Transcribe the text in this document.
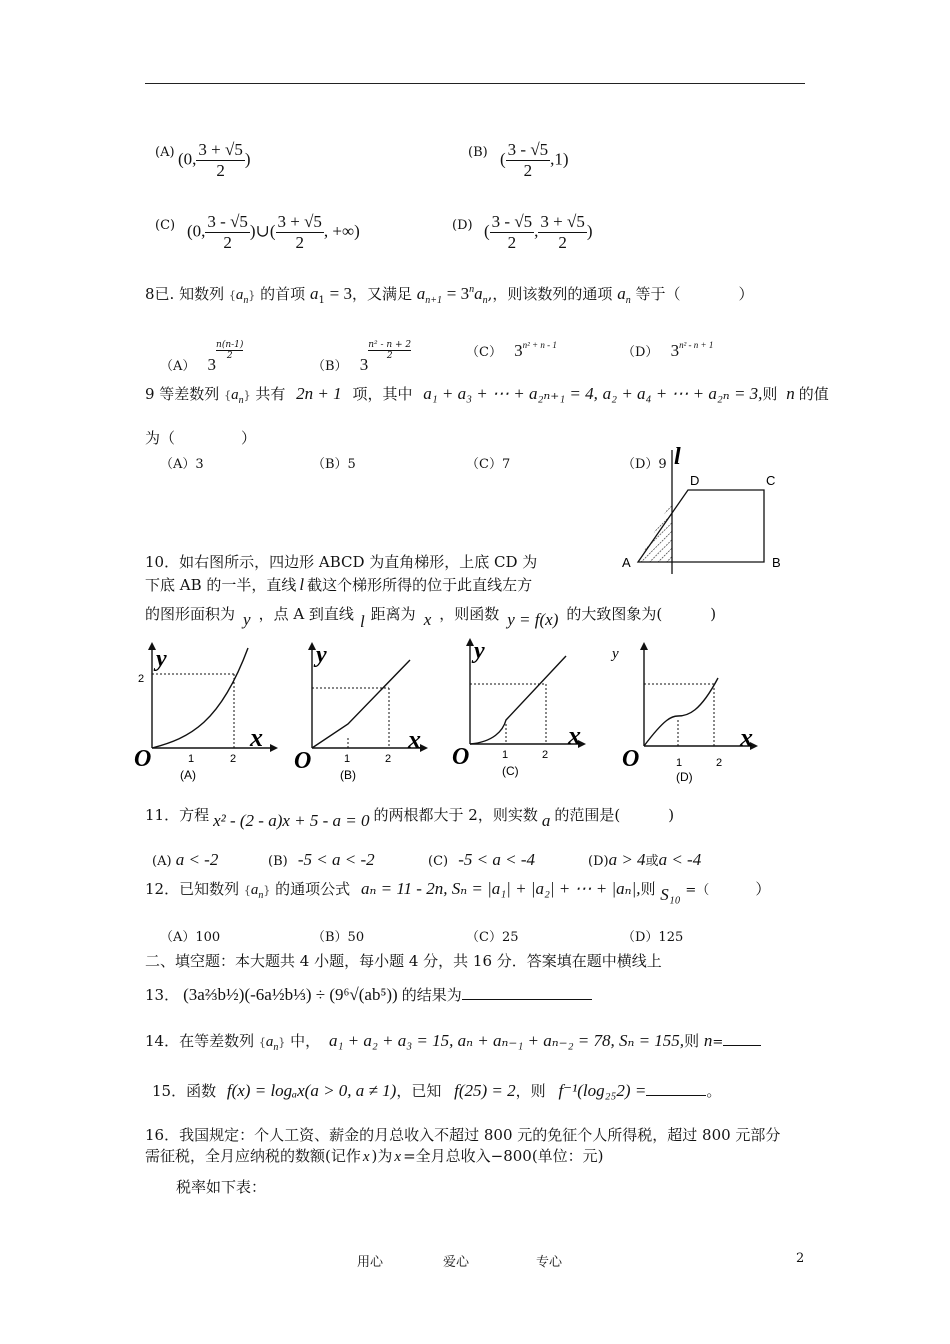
(A) (0, $\frac{3 + √5}{2}$ )	(B) ( $\frac{3 - √5}{2} ,1$)
(C) (0, $\frac{3 - √5}{2}$ )∪( $\frac{3 + √5}{2}$ , +∞)	(D) ( $\frac{3 - √5}{2}$ , $\frac{3 + √5}{2}$ )
8已. 知数列 $\{a_n\}$ 的首项 $a_1 = 3$，又满足 $a_{n+1} = 3^na_n$,，则该数列的通项 $a_n$ 等于（	）
（A） 3
$\frac{n(n-1)}{2}$
（B） 3
$\frac{\text{n² - n + 2}}{2}$	（C） $3^{n^2 + n - 1}$	（D） $3^{n^2 - n + 1}$
9 等差数列 $\{a_n\}$ 共有 2n + 1 项，其中 a₁ + a₃ + ⋯ + a₂ₙ₊₁ = 4, a₂ + a₄ + ⋯ + a₂ₙ = 3,则 n 的值
为（	）
（A）3	（B）5	（C）7	（D）9 l
A	B
C
D
10．如右图所示，四边形 ABCD 为直角梯形，上底 CD 为
下底 AB 的一半，直线 l 截这个梯形所得的位于此直线左方
的图形面积为 y ，点 A 到直线 l 距离为 x ，则函数 y = f(x) 的大致图象为(	)
y
2
x
O	1	2
(A)
y
x
O	1	2
(B)
y
x
O	1	2
(C)
y
x
O	1	2
(D)
11．方程 x² - (2 - a)x + 5 - a = 0 的两根都大于 2，则实数 a 的范围是(	)
(A) a < -2	(B) -5 < a < -2	(C) -5 < a < -4	(D)a > 4或a < -4
12．已知数列 $\{a_n\}$ 的通项公式 aₙ = 11 - 2n, Sₙ = |a₁| + |a₂| + ⋯ + |aₙ|,则 S₁₀ =（	）
（A）100	（B）50	（C）25	（D）125
二、填空题：本大题共 4 小题，每小题 4 分，共 16 分．答案填在题中横线上
13． (3a⅔b½)(-6a½b⅓) ÷ (9⁶√(ab⁵)) 的结果为
14．在等差数列 $\{a_n\}$ 中， a₁ + a₂ + a₃ = 15, aₙ + aₙ₋₁ + aₙ₋₂ = 78, Sₙ = 155,则 n=
15．函数 f(x) = logₐx(a > 0, a ≠ 1)，已知 f(25) = 2，则 f⁻¹(log₂₅2) =	。
16．我国规定：个人工资、薪金的月总收入不超过 800 元的免征个人所得税，超过 800 元部分
需征税，全月应纳税的数额(记作 x )为 x =全月总收入−800(单位：元)
税率如下表：
用心	爱心	专心	2
